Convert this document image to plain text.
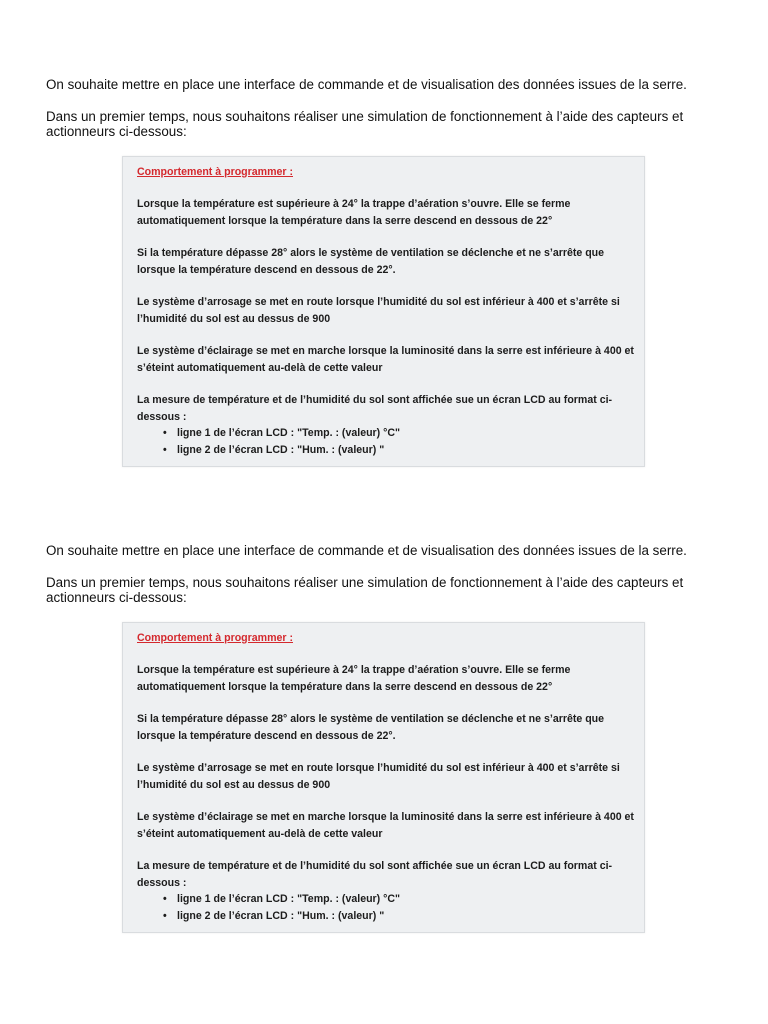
On souhaite mettre en place une interface de commande et de visualisation des données issues de la serre.

Dans un premier temps, nous souhaitons réaliser une simulation de fonctionnement à l’aide des capteurs et actionneurs ci-dessous:

Comportement à programmer :
Lorsque la température est supérieure à 24° la trappe d’aération s’ouvre. Elle se ferme automatiquement lorsque la température dans la serre descend en dessous de 22°
Si la température dépasse 28° alors le système de ventilation se déclenche et ne s’arrête que lorsque la température descend en dessous de 22°.
Le système d’arrosage se met en route lorsque l’humidité du sol est inférieur à 400 et s’arrête si l’humidité du sol est au dessus de 900
Le système d’éclairage se met en marche lorsque la luminosité dans la serre est inférieure à 400 et s’éteint automatiquement au-delà de cette valeur
La mesure de température et de l’humidité du sol sont affichée sue un écran LCD au format ci-dessous :
• ligne 1 de l’écran LCD : "Temp. : (valeur) °C"
• ligne 2 de l’écran LCD : "Hum. : (valeur) "

On souhaite mettre en place une interface de commande et de visualisation des données issues de la serre.

Dans un premier temps, nous souhaitons réaliser une simulation de fonctionnement à l’aide des capteurs et actionneurs ci-dessous:

Comportement à programmer :
Lorsque la température est supérieure à 24° la trappe d’aération s’ouvre. Elle se ferme automatiquement lorsque la température dans la serre descend en dessous de 22°
Si la température dépasse 28° alors le système de ventilation se déclenche et ne s’arrête que lorsque la température descend en dessous de 22°.
Le système d’arrosage se met en route lorsque l’humidité du sol est inférieur à 400 et s’arrête si l’humidité du sol est au dessus de 900
Le système d’éclairage se met en marche lorsque la luminosité dans la serre est inférieure à 400 et s’éteint automatiquement au-delà de cette valeur
La mesure de température et de l’humidité du sol sont affichée sue un écran LCD au format ci-dessous :
• ligne 1 de l’écran LCD : "Temp. : (valeur) °C"
• ligne 2 de l’écran LCD : "Hum. : (valeur) "
